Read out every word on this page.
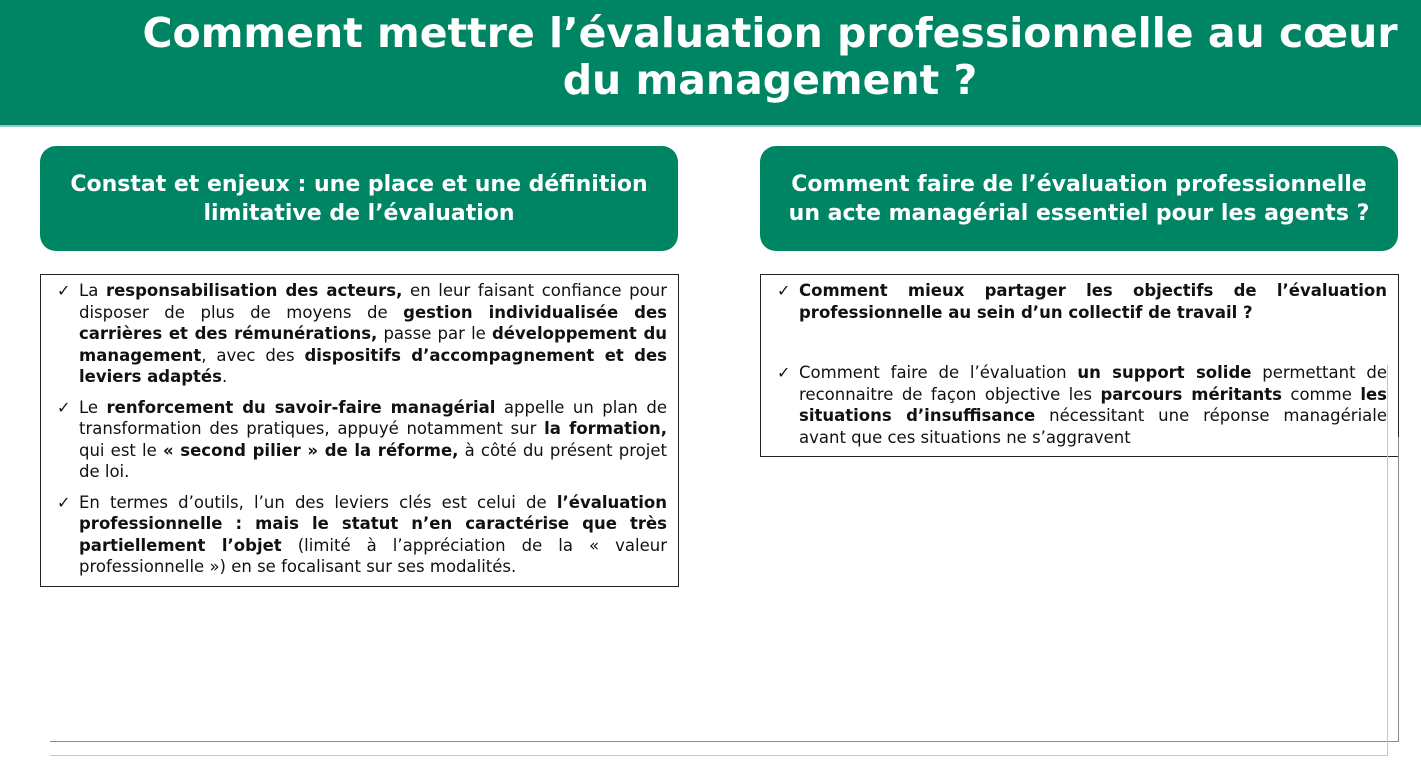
Comment mettre l’évaluation professionnelle au cœur du management ?
Constat et enjeux : une place et une définition limitative de l’évaluation
Comment faire de l’évaluation professionnelle un acte managérial essentiel pour les agents ?
✓ La responsabilisation des acteurs, en leur faisant confiance pour disposer de plus de moyens de gestion individualisée des carrières et des rémunérations, passe par le développement du management, avec des dispositifs d’accompagnement et des leviers adaptés.
✓ Le renforcement du savoir-faire managérial appelle un plan de transformation des pratiques, appuyé notamment sur la formation, qui est le « second pilier » de la réforme, à côté du présent projet de loi.
✓ En termes d’outils, l’un des leviers clés est celui de l’évaluation professionnelle : mais le statut n’en caractérise que très partiellement l’objet (limité à l’appréciation de la « valeur professionnelle ») en se focalisant sur ses modalités.
✓ Comment mieux partager les objectifs de l’évaluation professionnelle au sein d’un collectif de travail ?
✓ Comment faire de l’évaluation un support solide permettant de reconnaitre de façon objective les parcours méritants comme les situations d’insuffisance nécessitant une réponse managériale avant que ces situations ne s’aggravent
